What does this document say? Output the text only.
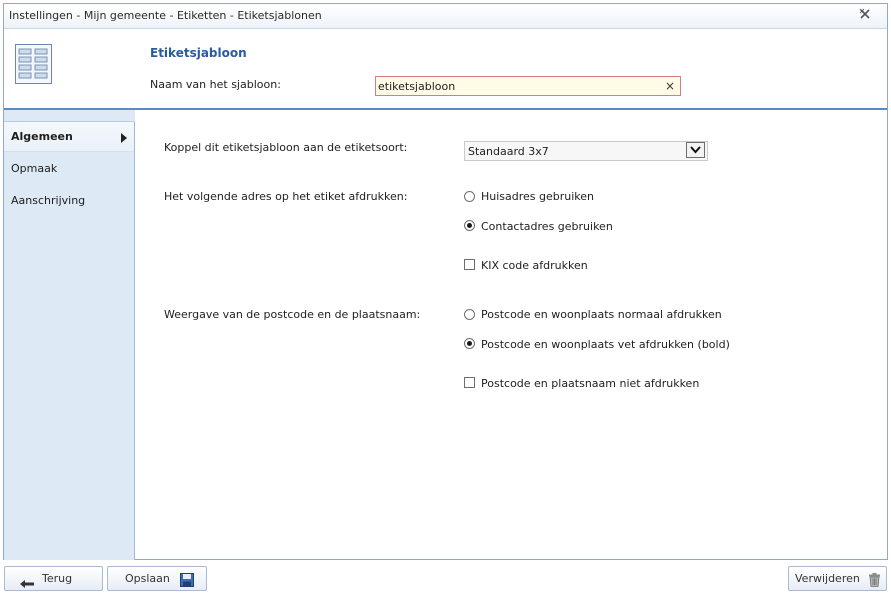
Instellingen - Mijn gemeente - Etiketten - Etiketsjablonen
Etiketsjabloon
Naam van het sjabloon:
etiketsjabloon	×
Algemeen
Opmaak
Aanschrijving
Koppel dit etiketsjabloon aan de etiketsoort:	Standaard 3x7
Het volgende adres op het etiket afdrukken:	Huisadres gebruiken
Contactadres gebruiken
KIX code afdrukken
Weergave van de postcode en de plaatsnaam:	Postcode en woonplaats normaal afdrukken
Postcode en woonplaats vet afdrukken (bold)
Postcode en plaatsnaam niet afdrukken
Terug	Opslaan	Verwijderen
